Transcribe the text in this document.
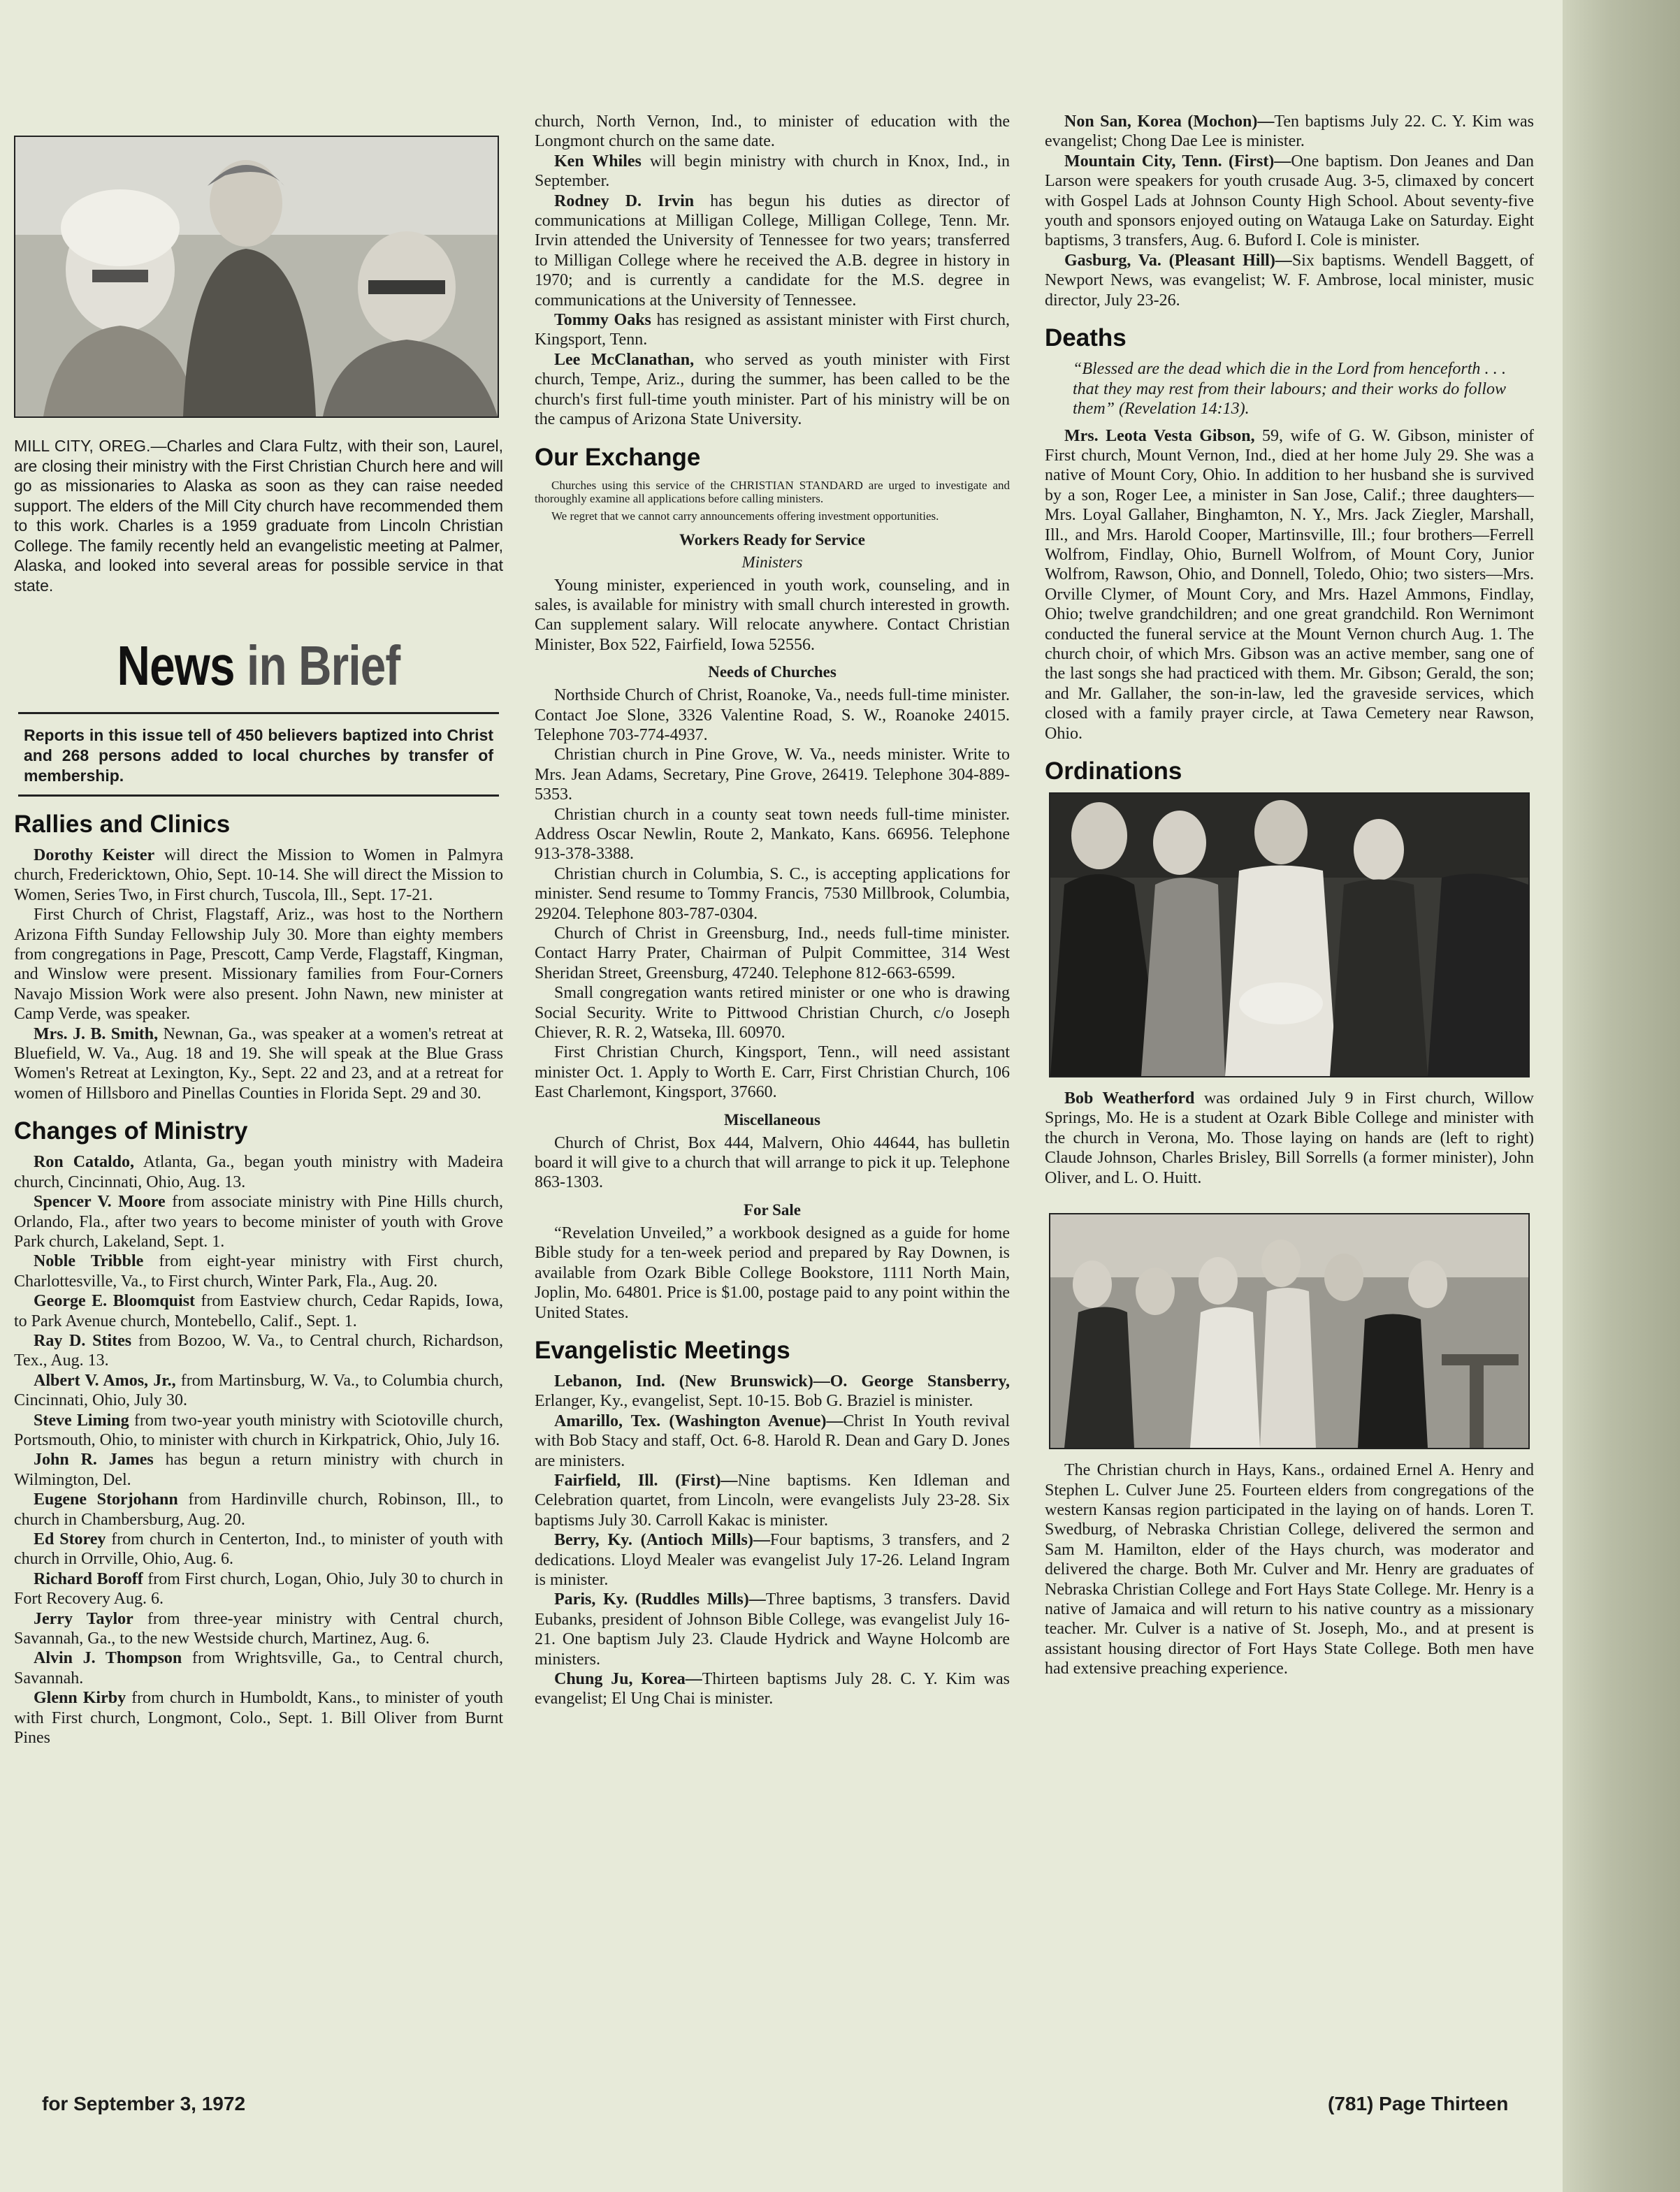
MILL CITY, OREG.—Charles and Clara Fultz, with their son, Laurel, are closing their ministry with the First Christian Church here and will go as missionaries to Alaska as soon as they can raise needed support. The elders of the Mill City church have recommended them to this work. Charles is a 1959 graduate from Lincoln Christian College. The family recently held an evangelistic meeting at Palmer, Alaska, and looked into several areas for possible service in that state.
News in Brief
Reports in this issue tell of 450 believers baptized into Christ and 268 persons added to local churches by transfer of membership.
Rallies and Clinics

Dorothy Keister will direct the Mission to Women in Palmyra church, Fredericktown, Ohio, Sept. 10-14. She will direct the Mission to Women, Series Two, in First church, Tuscola, Ill., Sept. 17-21.

First Church of Christ, Flagstaff, Ariz., was host to the Northern Arizona Fifth Sunday Fellowship July 30. More than eighty members from congregations in Page, Prescott, Camp Verde, Flagstaff, Kingman, and Winslow were present. Missionary families from Four-Corners Navajo Mission Work were also present. John Nawn, new minister at Camp Verde, was speaker.

Mrs. J. B. Smith, Newnan, Ga., was speaker at a women's retreat at Bluefield, W. Va., Aug. 18 and 19. She will speak at the Blue Grass Women's Retreat at Lexington, Ky., Sept. 22 and 23, and at a retreat for women of Hillsboro and Pinellas Counties in Florida Sept. 29 and 30.

Changes of Ministry

Ron Cataldo, Atlanta, Ga., began youth ministry with Madeira church, Cincinnati, Ohio, Aug. 13.

Spencer V. Moore from associate ministry with Pine Hills church, Orlando, Fla., after two years to become minister of youth with Grove Park church, Lakeland, Sept. 1.

Noble Tribble from eight-year ministry with First church, Charlottesville, Va., to First church, Winter Park, Fla., Aug. 20.

George E. Bloomquist from Eastview church, Cedar Rapids, Iowa, to Park Avenue church, Montebello, Calif., Sept. 1.

Ray D. Stites from Bozoo, W. Va., to Central church, Richardson, Tex., Aug. 13.

Albert V. Amos, Jr., from Martinsburg, W. Va., to Columbia church, Cincinnati, Ohio, July 30.

Steve Liming from two-year youth ministry with Sciotoville church, Portsmouth, Ohio, to minister with church in Kirkpatrick, Ohio, July 16.

John R. James has begun a return ministry with church in Wilmington, Del.

Eugene Storjohann from Hardinville church, Robinson, Ill., to church in Chambersburg, Aug. 20.

Ed Storey from church in Centerton, Ind., to minister of youth with church in Orrville, Ohio, Aug. 6.

Richard Boroff from First church, Logan, Ohio, July 30 to church in Fort Recovery Aug. 6.

Jerry Taylor from three-year ministry with Central church, Savannah, Ga., to the new Westside church, Martinez, Aug. 6.

Alvin J. Thompson from Wrightsville, Ga., to Central church, Savannah.

Glenn Kirby from church in Humboldt, Kans., to minister of youth with First church, Longmont, Colo., Sept. 1. Bill Oliver from Burnt Pines

church, North Vernon, Ind., to minister of education with the Longmont church on the same date.

Ken Whiles will begin ministry with church in Knox, Ind., in September.

Rodney D. Irvin has begun his duties as director of communications at Milligan College, Milligan College, Tenn. Mr. Irvin attended the University of Tennessee for two years; transferred to Milligan College where he received the A.B. degree in history in 1970; and is currently a candidate for the M.S. degree in communications at the University of Tennessee.

Tommy Oaks has resigned as assistant minister with First church, Kingsport, Tenn.

Lee McClanathan, who served as youth minister with First church, Tempe, Ariz., during the summer, has been called to be the church's first full-time youth minister. Part of his ministry will be on the campus of Arizona State University.

Our Exchange
Churches using this service of the CHRISTIAN STANDARD are urged to investigate and thoroughly examine all applications before calling ministers.
We regret that we cannot carry announcements offering investment opportunities.
Workers Ready for Service
Ministers

Young minister, experienced in youth work, counseling, and in sales, is available for ministry with small church interested in growth. Can supplement salary. Will relocate anywhere. Contact Christian Minister, Box 522, Fairfield, Iowa 52556.

Needs of Churches

Northside Church of Christ, Roanoke, Va., needs full-time minister. Contact Joe Slone, 3326 Valentine Road, S. W., Roanoke 24015. Telephone 703-774-4937.

Christian church in Pine Grove, W. Va., needs minister. Write to Mrs. Jean Adams, Secretary, Pine Grove, 26419. Telephone 304-889-5353.

Christian church in a county seat town needs full-time minister. Address Oscar Newlin, Route 2, Mankato, Kans. 66956. Telephone 913-378-3388.

Christian church in Columbia, S. C., is accepting applications for minister. Send resume to Tommy Francis, 7530 Millbrook, Columbia, 29204. Telephone 803-787-0304.

Church of Christ in Greensburg, Ind., needs full-time minister. Contact Harry Prater, Chairman of Pulpit Committee, 314 West Sheridan Street, Greensburg, 47240. Telephone 812-663-6599.

Small congregation wants retired minister or one who is drawing Social Security. Write to Pittwood Christian Church, c/o Joseph Chiever, R. R. 2, Watseka, Ill. 60970.

First Christian Church, Kingsport, Tenn., will need assistant minister Oct. 1. Apply to Worth E. Carr, First Christian Church, 106 East Charlemont, Kingsport, 37660.

Miscellaneous

Church of Christ, Box 444, Malvern, Ohio 44644, has bulletin board it will give to a church that will arrange to pick it up. Telephone 863-1303.

For Sale

“Revelation Unveiled,” a workbook designed as a guide for home Bible study for a ten-week period and prepared by Ray Downen, is available from Ozark Bible College Bookstore, 1111 North Main, Joplin, Mo. 64801. Price is $1.00, postage paid to any point within the United States.

Evangelistic Meetings

Lebanon, Ind. (New Brunswick)—O. George Stansberry, Erlanger, Ky., evangelist, Sept. 10-15. Bob G. Braziel is minister.

Amarillo, Tex. (Washington Avenue)—Christ In Youth revival with Bob Stacy and staff, Oct. 6-8. Harold R. Dean and Gary D. Jones are ministers.

Fairfield, Ill. (First)—Nine baptisms. Ken Idleman and Celebration quartet, from Lincoln, were evangelists July 23-28. Six baptisms July 30. Carroll Kakac is minister.

Berry, Ky. (Antioch Mills)—Four baptisms, 3 transfers, and 2 dedications. Lloyd Mealer was evangelist July 17-26. Leland Ingram is minister.

Paris, Ky. (Ruddles Mills)—Three baptisms, 3 transfers. David Eubanks, president of Johnson Bible College, was evangelist July 16-21. One baptism July 23. Claude Hydrick and Wayne Holcomb are ministers.

Chung Ju, Korea—Thirteen baptisms July 28. C. Y. Kim was evangelist; El Ung Chai is minister.

Non San, Korea (Mochon)—Ten baptisms July 22. C. Y. Kim was evangelist; Chong Dae Lee is minister.

Mountain City, Tenn. (First)—One baptism. Don Jeanes and Dan Larson were speakers for youth crusade Aug. 3-5, climaxed by concert with Gospel Lads at Johnson County High School. About seventy-five youth and sponsors enjoyed outing on Watauga Lake on Saturday. Eight baptisms, 3 transfers, Aug. 6. Buford I. Cole is minister.

Gasburg, Va. (Pleasant Hill)—Six baptisms. Wendell Baggett, of Newport News, was evangelist; W. F. Ambrose, local minister, music director, July 23-26.

Deaths
“Blessed are the dead which die in the Lord from henceforth . . . that they may rest from their labours; and their works do follow them” (Revelation 14:13).

Mrs. Leota Vesta Gibson, 59, wife of G. W. Gibson, minister of First church, Mount Vernon, Ind., died at her home July 29. She was a native of Mount Cory, Ohio. In addition to her husband she is survived by a son, Roger Lee, a minister in San Jose, Calif.; three daughters—Mrs. Loyal Gallaher, Binghamton, N. Y., Mrs. Jack Ziegler, Marshall, Ill., and Mrs. Harold Cooper, Martinsville, Ill.; four brothers—Ferrell Wolfrom, Findlay, Ohio, Burnell Wolfrom, of Mount Cory, Junior Wolfrom, Rawson, Ohio, and Donnell, Toledo, Ohio; two sisters—Mrs. Orville Clymer, of Mount Cory, and Mrs. Hazel Ammons, Findlay, Ohio; twelve grandchildren; and one great grandchild. Ron Wernimont conducted the funeral service at the Mount Vernon church Aug. 1. The church choir, of which Mrs. Gibson was an active member, sang one of the last songs she had practiced with them. Mr. Gibson; Gerald, the son; and Mr. Gallaher, the son-in-law, led the graveside services, which closed with a family prayer circle, at Tawa Cemetery near Rawson, Ohio.

Ordinations

Bob Weatherford was ordained July 9 in First church, Willow Springs, Mo. He is a student at Ozark Bible College and minister with the church in Verona, Mo. Those laying on hands are (left to right) Claude Johnson, Charles Brisley, Bill Sorrells (a former minister), John Oliver, and L. O. Huitt.

The Christian church in Hays, Kans., ordained Ernel A. Henry and Stephen L. Culver June 25. Fourteen elders from congregations of the western Kansas region participated in the laying on of hands. Loren T. Swedburg, of Nebraska Christian College, delivered the sermon and Sam M. Hamilton, elder of the Hays church, was moderator and delivered the charge. Both Mr. Culver and Mr. Henry are graduates of Nebraska Christian College and Fort Hays State College. Mr. Henry is a native of Jamaica and will return to his native country as a missionary teacher. Mr. Culver is a native of St. Joseph, Mo., and at present is assistant housing director of Fort Hays State College. Both men have had extensive preaching experience.

for September 3, 1972	(781) Page Thirteen
